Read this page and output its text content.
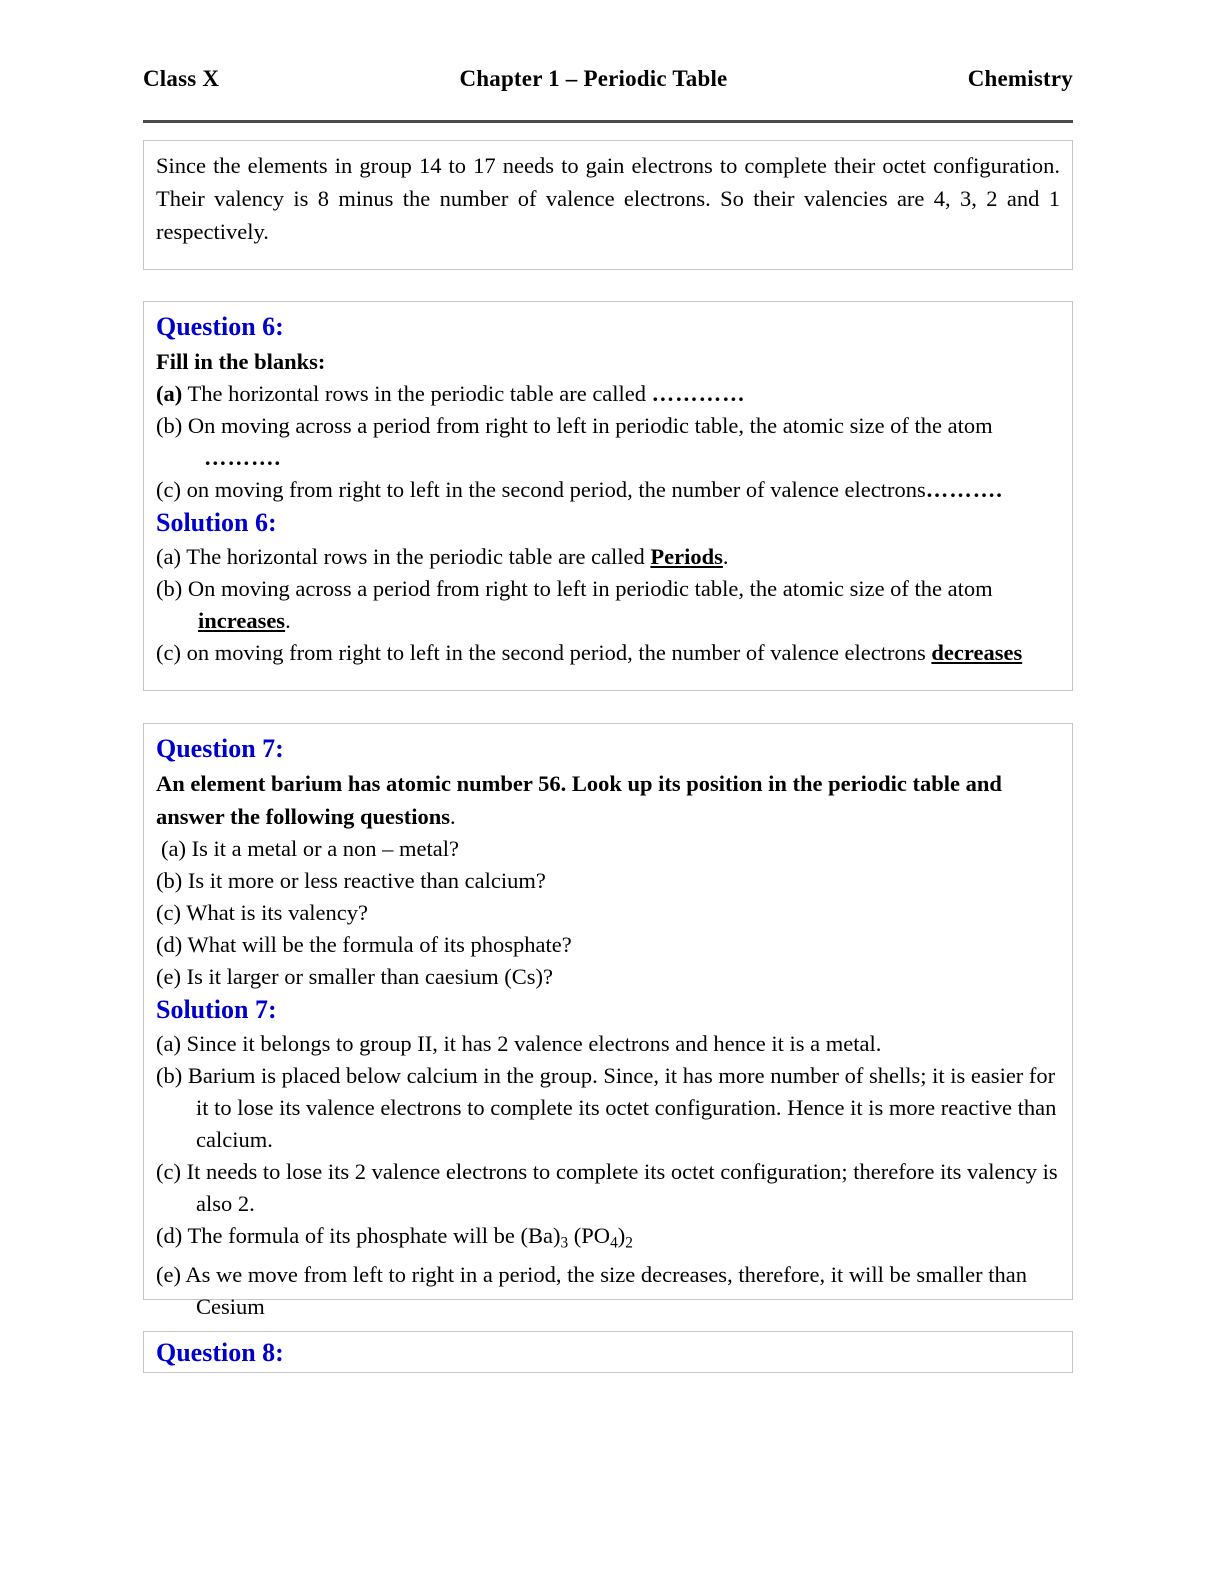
Class X	Chapter 1 – Periodic Table	Chemistry

Since the elements in group 14 to 17 needs to gain electrons to complete their octet configuration. Their valency is 8 minus the number of valence electrons. So their valencies are 4, 3, 2 and 1 respectively.

Question 6:

Fill in the blanks:

(a) The horizontal rows in the periodic table are called …………

(b) On moving across a period from right to left in periodic table, the atomic size of the atom

……….

(c) on moving from right to left in the second period, the number of valence electrons……….

Solution 6:

(a) The horizontal rows in the periodic table are called Periods.

(b) On moving across a period from right to left in periodic table, the atomic size of the atom

increases.

(c) on moving from right to left in the second period, the number of valence electrons decreases

Question 7:

An element barium has atomic number 56. Look up its position in the periodic table and answer the following questions.

(a) Is it a metal or a non – metal?

(b) Is it more or less reactive than calcium?

(c) What is its valency?

(d) What will be the formula of its phosphate?

(e) Is it larger or smaller than caesium (Cs)?

Solution 7:

(a) Since it belongs to group II, it has 2 valence electrons and hence it is a metal.

(b) Barium is placed below calcium in the group. Since, it has more number of shells; it is easier for it to lose its valence electrons to complete its octet configuration. Hence it is more reactive than calcium.

(c) It needs to lose its 2 valence electrons to complete its octet configuration; therefore its valency is also 2.

(d) The formula of its phosphate will be $(Ba)_3$ $(PO_4)_2$

(e) As we move from left to right in a period, the size decreases, therefore, it will be smaller than Cesium

Question 8:
